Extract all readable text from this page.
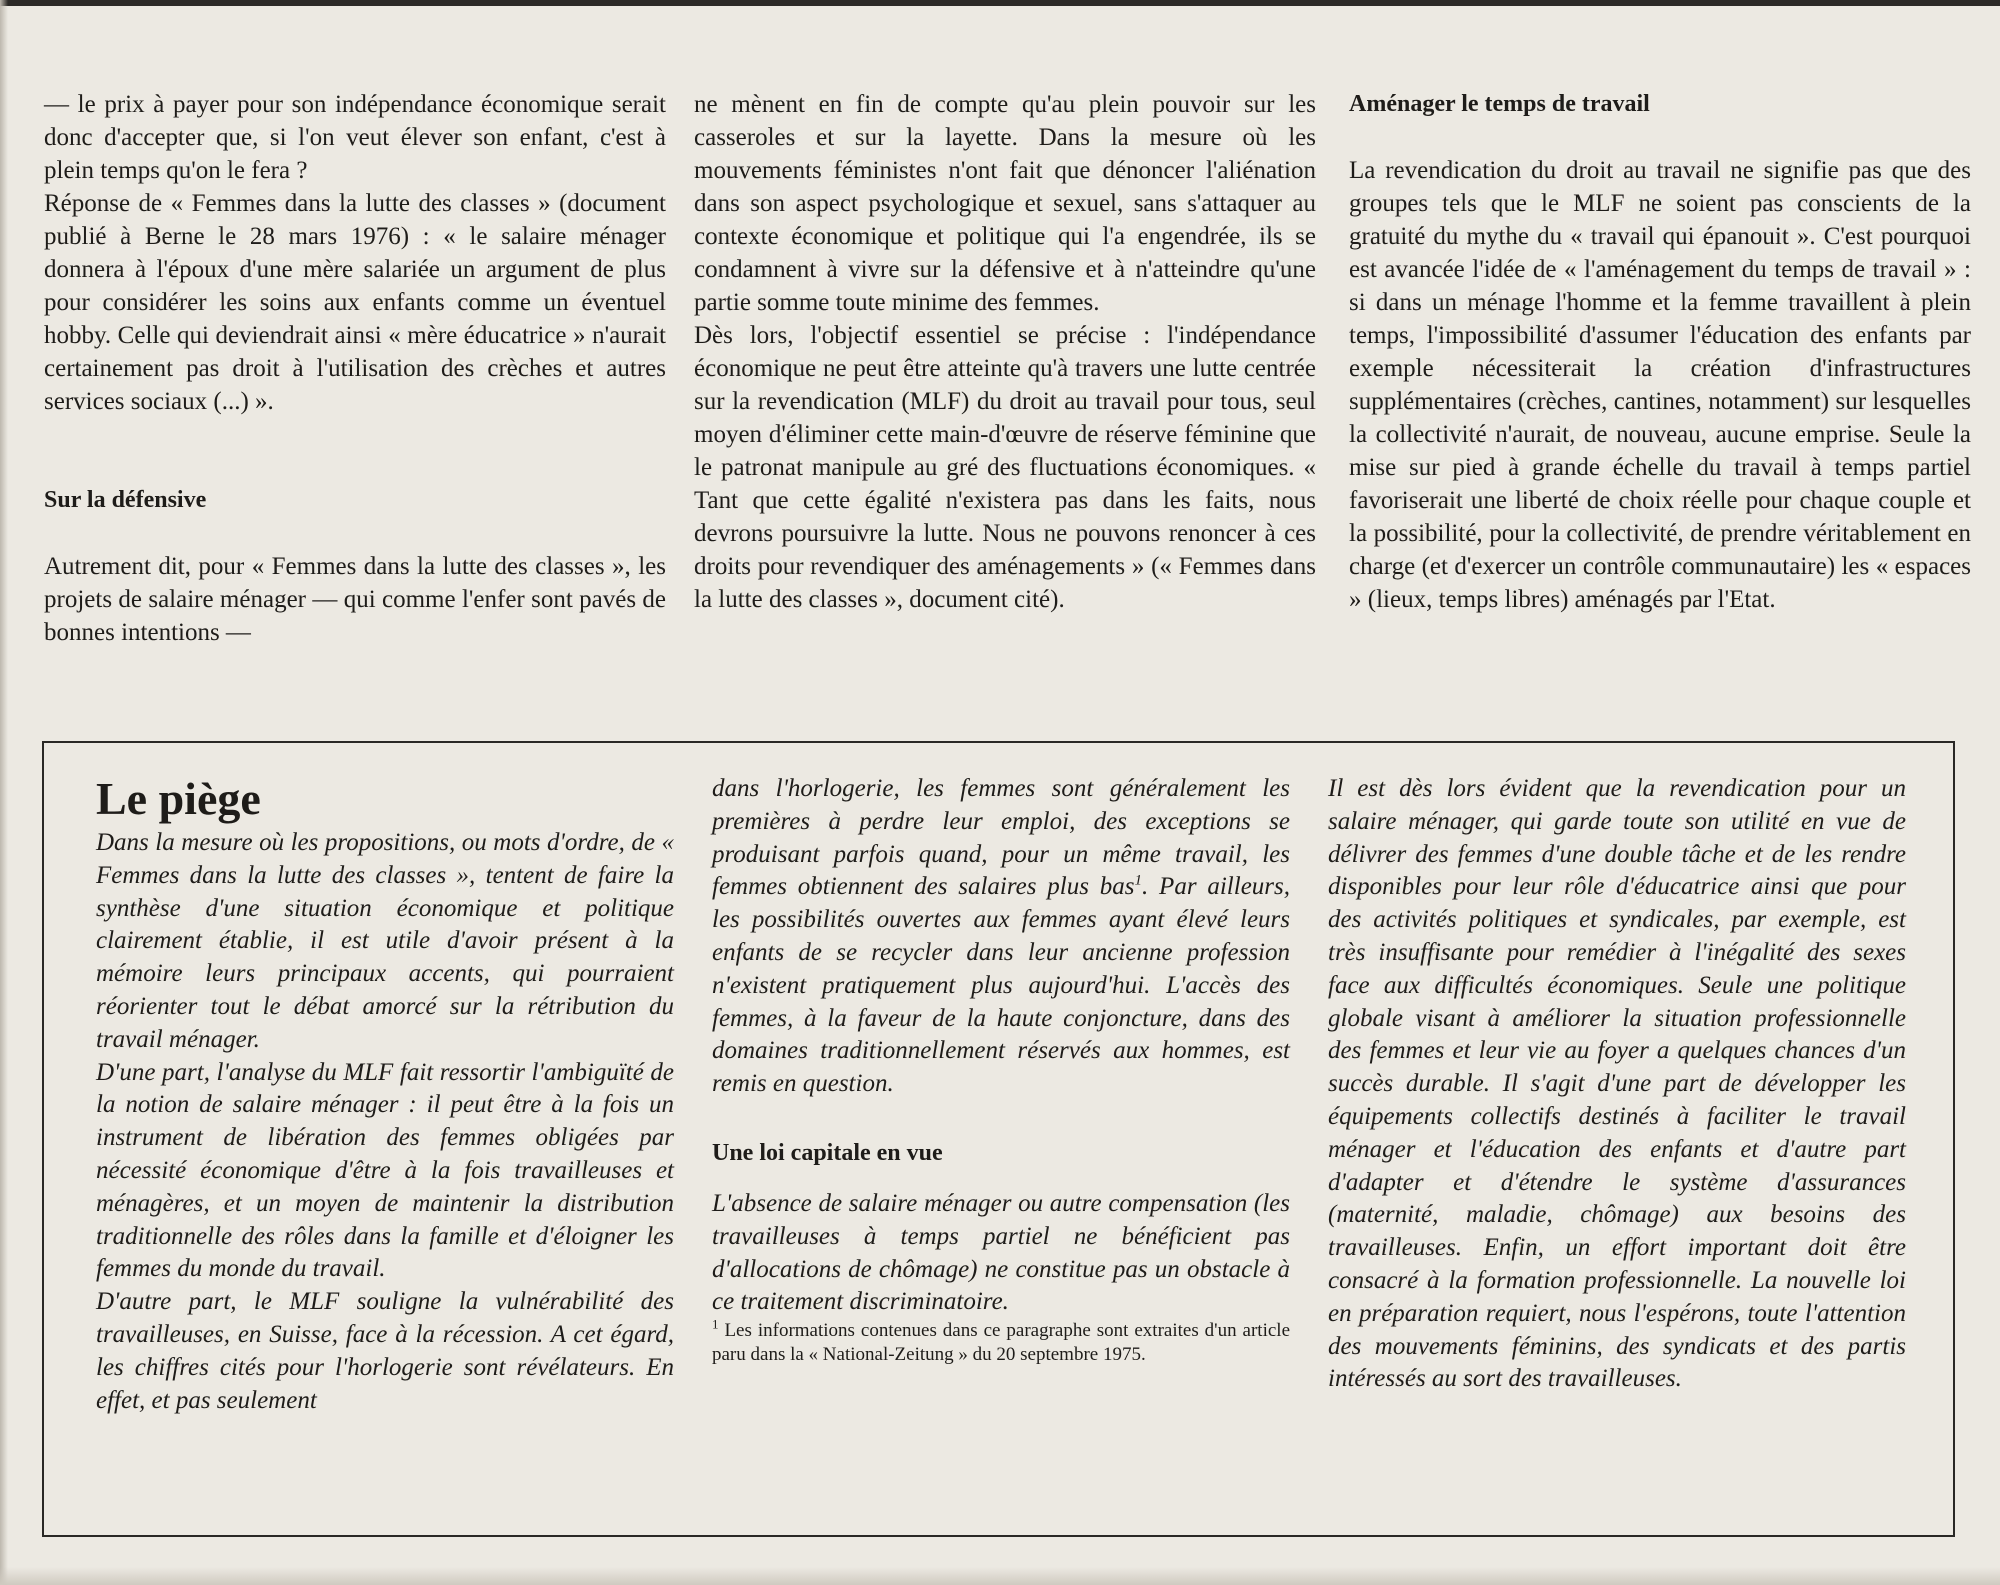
— le prix à payer pour son indépendance économique serait donc d'accepter que, si l'on veut élever son enfant, c'est à plein temps qu'on le fera ?

Réponse de « Femmes dans la lutte des classes » (document publié à Berne le 28 mars 1976) : « le salaire ménager donnera à l'époux d'une mère salariée un argument de plus pour considérer les soins aux enfants comme un éventuel hobby. Celle qui deviendrait ainsi « mère éducatrice » n'aurait certainement pas droit à l'utilisation des crèches et autres services sociaux (...) ».

Sur la défensive

Autrement dit, pour « Femmes dans la lutte des classes », les projets de salaire ménager — qui comme l'enfer sont pavés de bonnes intentions —

ne mènent en fin de compte qu'au plein pouvoir sur les casseroles et sur la layette. Dans la mesure où les mouvements féministes n'ont fait que dénoncer l'aliénation dans son aspect psychologique et sexuel, sans s'attaquer au contexte économique et politique qui l'a engendrée, ils se condamnent à vivre sur la défensive et à n'atteindre qu'une partie somme toute minime des femmes.

Dès lors, l'objectif essentiel se précise : l'indépendance économique ne peut être atteinte qu'à travers une lutte centrée sur la revendication (MLF) du droit au travail pour tous, seul moyen d'éliminer cette main-d'œuvre de réserve féminine que le patronat manipule au gré des fluctuations économiques. « Tant que cette égalité n'existera pas dans les faits, nous devrons poursuivre la lutte. Nous ne pouvons renoncer à ces droits pour revendiquer des aménagements » (« Femmes dans la lutte des classes », document cité).

Aménager le temps de travail

La revendication du droit au travail ne signifie pas que des groupes tels que le MLF ne soient pas conscients de la gratuité du mythe du « travail qui épanouit ». C'est pourquoi est avancée l'idée de « l'aménagement du temps de travail » : si dans un ménage l'homme et la femme travaillent à plein temps, l'impossibilité d'assumer l'éducation des enfants par exemple nécessiterait la création d'infrastructures supplémentaires (crèches, cantines, notamment) sur lesquelles la collectivité n'aurait, de nouveau, aucune emprise. Seule la mise sur pied à grande échelle du travail à temps partiel favoriserait une liberté de choix réelle pour chaque couple et la possibilité, pour la collectivité, de prendre véritablement en charge (et d'exercer un contrôle communautaire) les « espaces » (lieux, temps libres) aménagés par l'Etat.

Le piège

Dans la mesure où les propositions, ou mots d'ordre, de « Femmes dans la lutte des classes », tentent de faire la synthèse d'une situation économique et politique clairement établie, il est utile d'avoir présent à la mémoire leurs principaux accents, qui pourraient réorienter tout le débat amorcé sur la rétribution du travail ménager.

D'une part, l'analyse du MLF fait ressortir l'ambiguïté de la notion de salaire ménager : il peut être à la fois un instrument de libération des femmes obligées par nécessité économique d'être à la fois travailleuses et ménagères, et un moyen de maintenir la distribution traditionnelle des rôles dans la famille et d'éloigner les femmes du monde du travail.

D'autre part, le MLF souligne la vulnérabilité des travailleuses, en Suisse, face à la récession. A cet égard, les chiffres cités pour l'horlogerie sont révélateurs. En effet, et pas seulement

dans l'horlogerie, les femmes sont généralement les premières à perdre leur emploi, des exceptions se produisant parfois quand, pour un même travail, les femmes obtiennent des salaires plus bas$^1$. Par ailleurs, les possibilités ouvertes aux femmes ayant élevé leurs enfants de se recycler dans leur ancienne profession n'existent pratiquement plus aujourd'hui. L'accès des femmes, à la faveur de la haute conjoncture, dans des domaines traditionnellement réservés aux hommes, est remis en question.

Une loi capitale en vue

L'absence de salaire ménager ou autre compensation (les travailleuses à temps partiel ne bénéficient pas d'allocations de chômage) ne constitue pas un obstacle à ce traitement discriminatoire.

$^1$ Les informations contenues dans ce paragraphe sont extraites d'un article paru dans la « National-Zeitung » du 20 septembre 1975.

Il est dès lors évident que la revendication pour un salaire ménager, qui garde toute son utilité en vue de délivrer des femmes d'une double tâche et de les rendre disponibles pour leur rôle d'éducatrice ainsi que pour des activités politiques et syndicales, par exemple, est très insuffisante pour remédier à l'inégalité des sexes face aux difficultés économiques. Seule une politique globale visant à améliorer la situation professionnelle des femmes et leur vie au foyer a quelques chances d'un succès durable. Il s'agit d'une part de développer les équipements collectifs destinés à faciliter le travail ménager et l'éducation des enfants et d'autre part d'adapter et d'étendre le système d'assurances (maternité, maladie, chômage) aux besoins des travailleuses. Enfin, un effort important doit être consacré à la formation professionnelle. La nouvelle loi en préparation requiert, nous l'espérons, toute l'attention des mouvements féminins, des syndicats et des partis intéressés au sort des travailleuses.
